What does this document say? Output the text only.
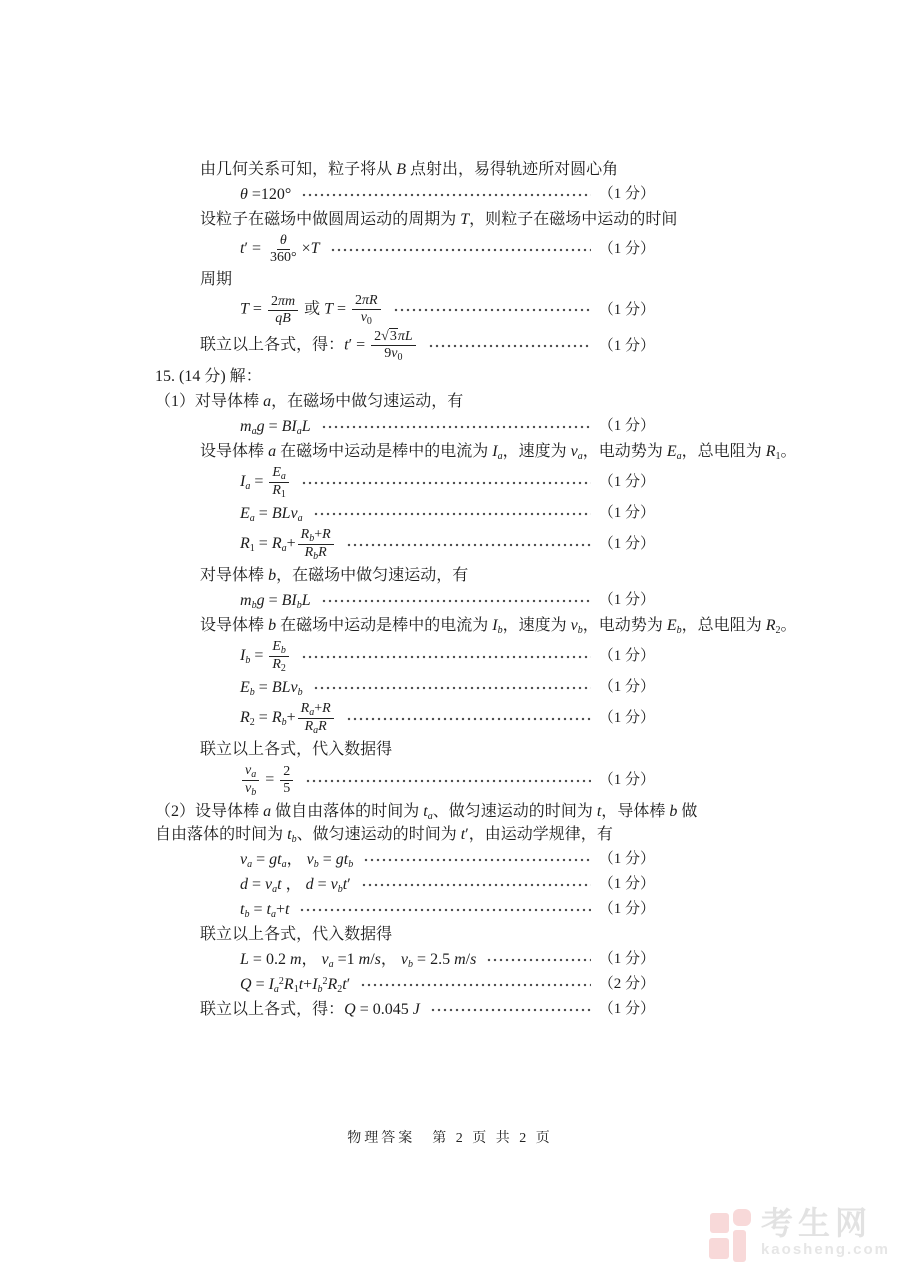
由几何关系可知，粒子将从 B 点射出，易得轨迹所对圆心角
θ =120°	（1 分）
设粒子在磁场中做圆周运动的周期为 T，则粒子在磁场中运动的时间
$t' = \frac{\theta}{360^\circ} \times T$	（1 分）
周期
$T = \frac{2\pi m}{qB}$ 或 $T = \frac{2\pi R}{v_0}$	（1 分）
联立以上各式，得：$t' = \frac{2√3\pi L}{9v_0}$	（1 分）
15. (14 分) 解：
（1）对导体棒 a，在磁场中做匀速运动，有
$m_ag = BI_aL$	（1 分）
设导体棒 a 在磁场中运动是棒中的电流为 $I_a$，速度为 $v_a$，电动势为 $E_a$，总电阻为 $R_1$。
$I_a = \frac{E_a}{R_1}$	（1 分）
$E_a = BLv_a$	（1 分）
$R_1 = R_a+ \frac{R_b+R}{R_bR}$	（1 分）
对导体棒 b，在磁场中做匀速运动，有
$m_bg = BI_bL$	（1 分）
设导体棒 b 在磁场中运动是棒中的电流为 $I_b$，速度为 $v_b$，电动势为 $E_b$，总电阻为 $R_2$。
$I_b = \frac{E_b}{R_2}$	（1 分）
$E_b = BLv_b$	（1 分）
$R_2 = R_b+ \frac{R_a+R}{R_aR}$	（1 分）
联立以上各式，代入数据得
$\frac{v_a}{v_b} = \frac{2}{5}$	（1 分）
（2）设导体棒 a 做自由落体的时间为 $t_a$、做匀速运动的时间为 t，导体棒 b 做自由落体的时间为 $t_b$、做匀速运动的时间为 t′，由运动学规律，有
$v_a = gt_a$， $v_b = gt_b$	（1 分）
$d = v_at$ ， $d = v_bt'$	（1 分）
$t_b = t_a+t$	（1 分）
联立以上各式，代入数据得
L = 0.2 m， $v_a =1$ m/s， $v_b = 2.5$ m/s	（1 分）
$Q = I_a^2R_1t+I_b^2R_2t'$	（2 分）
联立以上各式，得：Q = 0.045 J	（1 分）
物理答案　第 2 页 共 2 页
考生网
kaosheng.com
